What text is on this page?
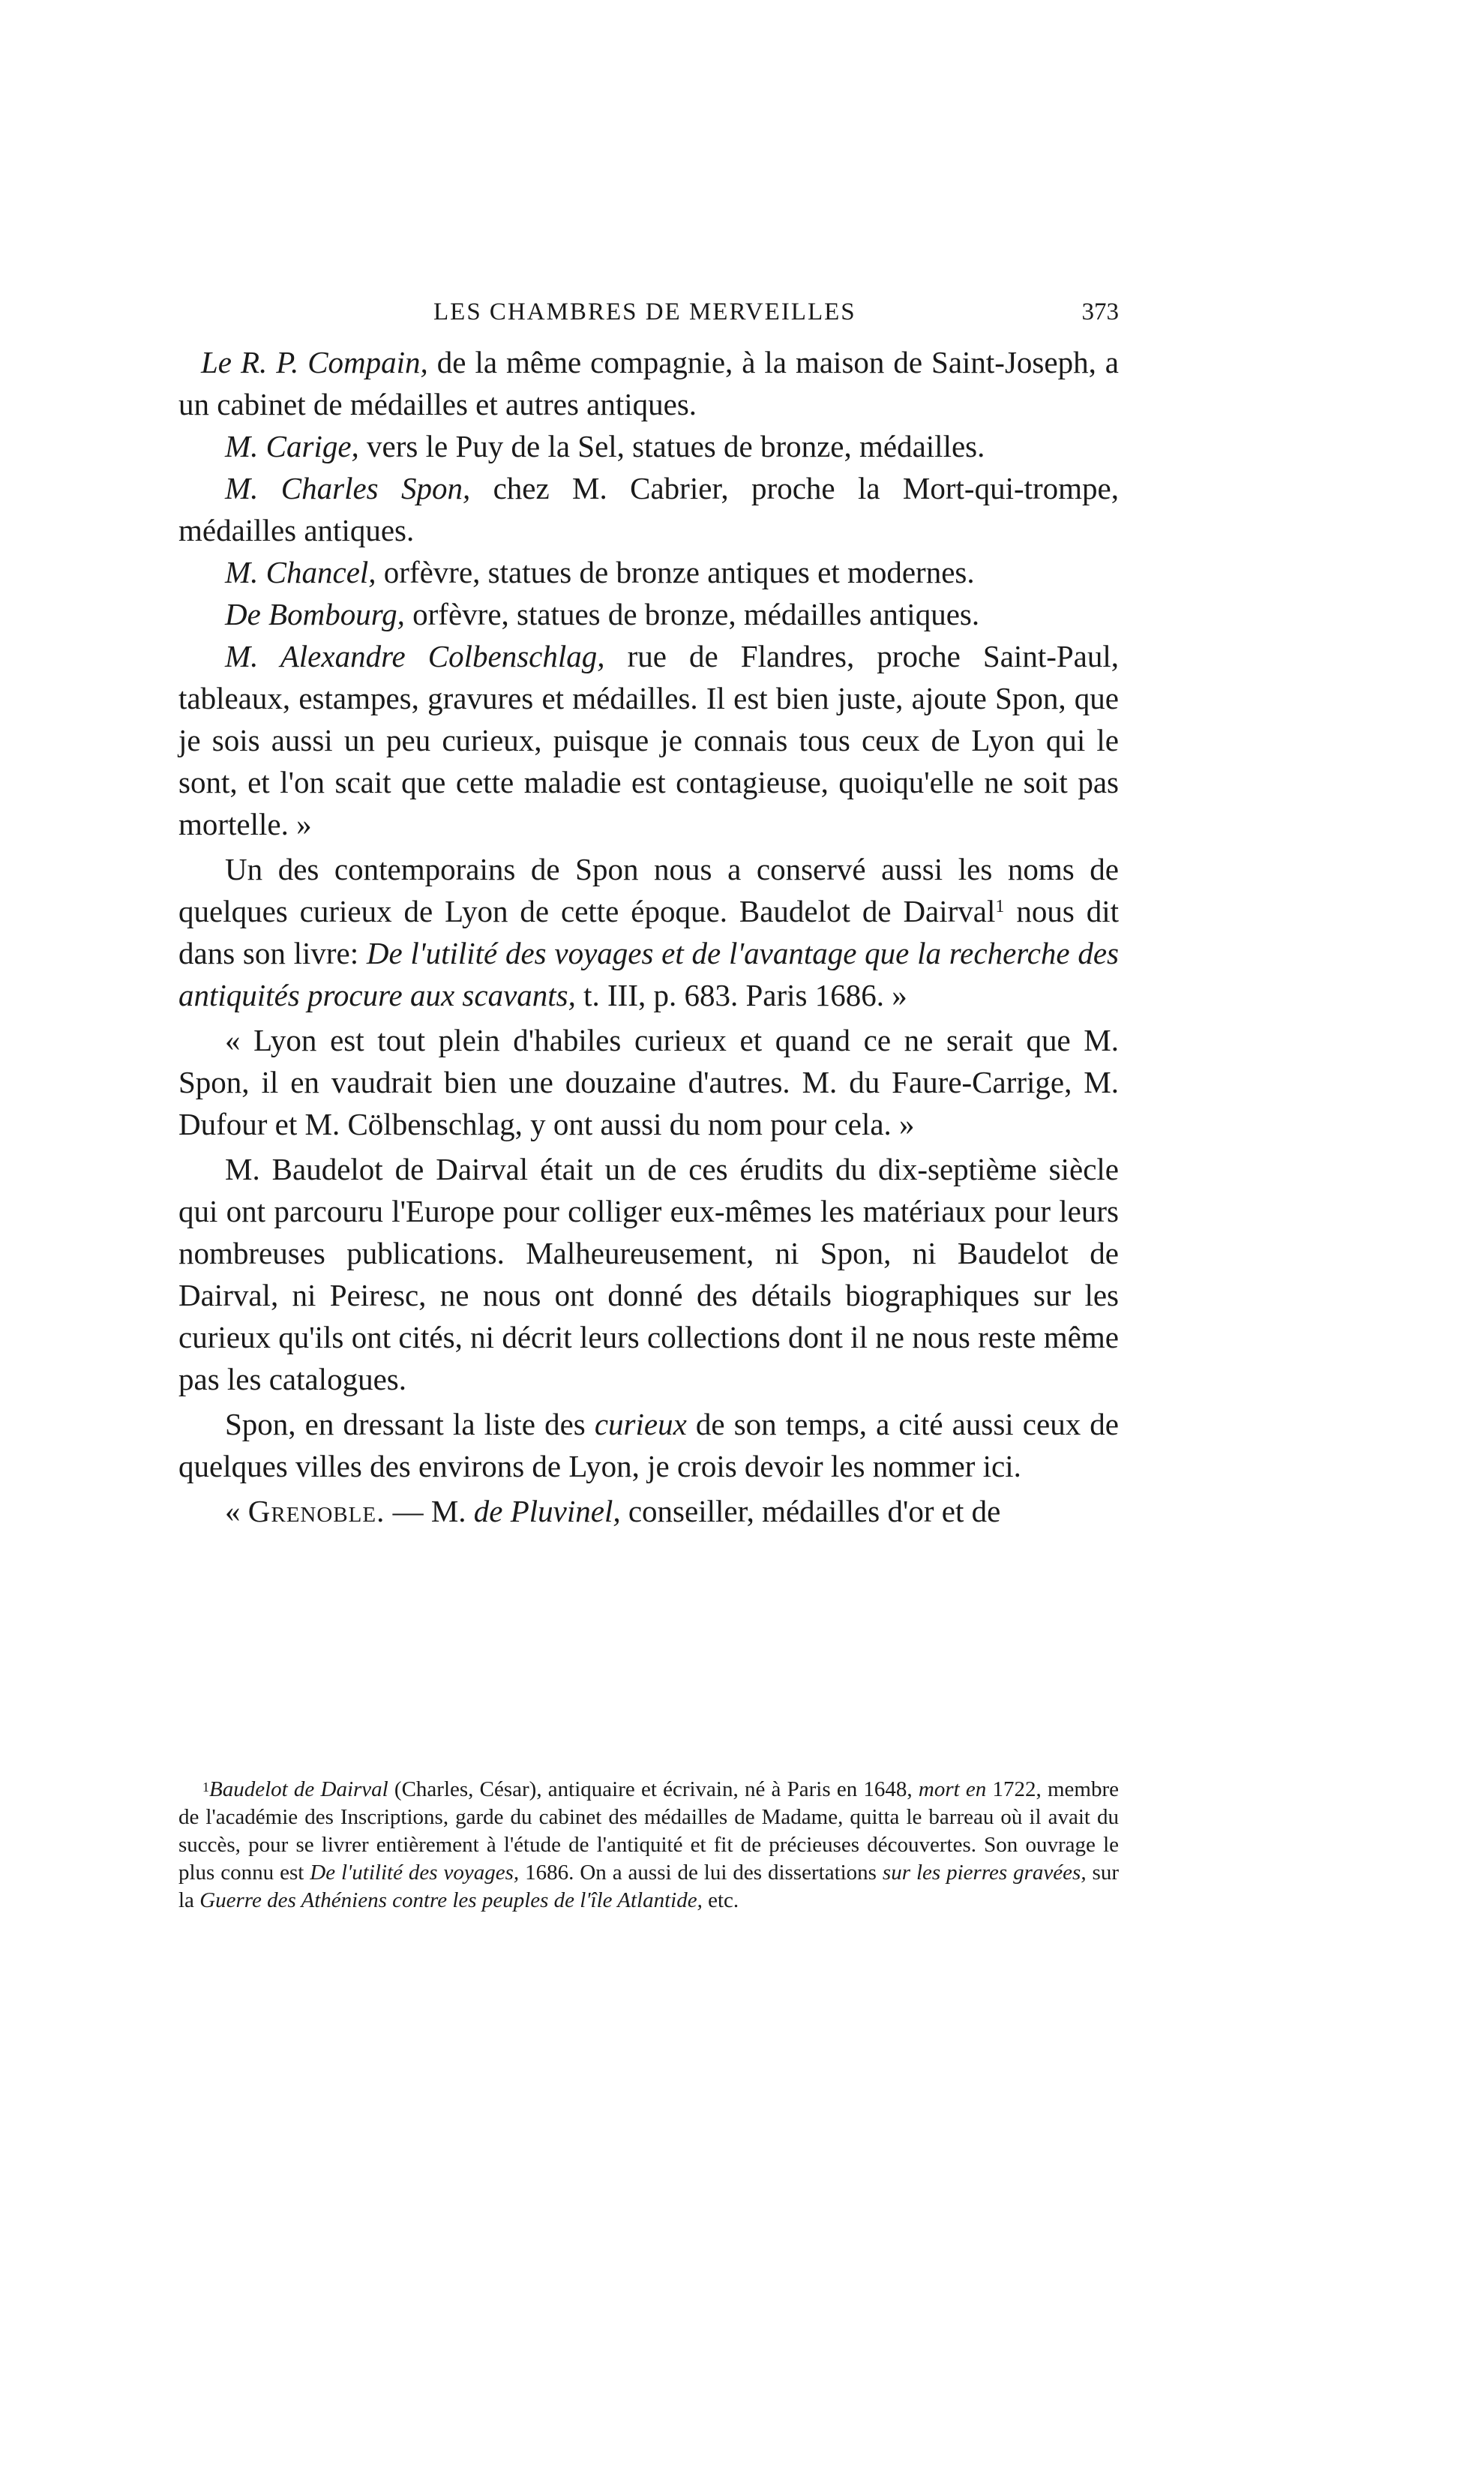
LES CHAMBRES DE MERVEILLES	373

Le R. P. Compain, de la même compagnie, à la maison de Saint-Joseph, a un cabinet de médailles et autres antiques.

M. Carige, vers le Puy de la Sel, statues de bronze, médailles.

M. Charles Spon, chez M. Cabrier, proche la Mort-qui-trompe, médailles antiques.

M. Chancel, orfèvre, statues de bronze antiques et modernes.

De Bombourg, orfèvre, statues de bronze, médailles antiques.

M. Alexandre Colbenschlag, rue de Flandres, proche Saint-Paul, tableaux, estampes, gravures et médailles. Il est bien juste, ajoute Spon, que je sois aussi un peu curieux, puisque je connais tous ceux de Lyon qui le sont, et l'on scait que cette maladie est contagieuse, quoiqu'elle ne soit pas mortelle. »

Un des contemporains de Spon nous a conservé aussi les noms de quelques curieux de Lyon de cette époque. Baudelot de Dairval$^1$ nous dit dans son livre: De l'utilité des voyages et de l'avantage que la recherche des antiquités procure aux scavants, t. III, p. 683. Paris 1686. »

« Lyon est tout plein d'habiles curieux et quand ce ne serait que M. Spon, il en vaudrait bien une douzaine d'autres. M. du Faure-Carrige, M. Dufour et M. Cölbenschlag, y ont aussi du nom pour cela. »

M. Baudelot de Dairval était un de ces érudits du dix-septième siècle qui ont parcouru l'Europe pour colliger eux-mêmes les matériaux pour leurs nombreuses publications. Malheureusement, ni Spon, ni Baudelot de Dairval, ni Peiresc, ne nous ont donné des détails biographiques sur les curieux qu'ils ont cités, ni décrit leurs collections dont il ne nous reste même pas les catalogues.

Spon, en dressant la liste des curieux de son temps, a cité aussi ceux de quelques villes des environs de Lyon, je crois devoir les nommer ici.

« Grenoble. — M. de Pluvinel, conseiller, médailles d'or et de

$^1$Baudelot de Dairval (Charles, César), antiquaire et écrivain, né à Paris en 1648, mort en 1722, membre de l'académie des Inscriptions, garde du cabinet des médailles de Madame, quitta le barreau où il avait du succès, pour se livrer entièrement à l'étude de l'antiquité et fit de précieuses découvertes. Son ouvrage le plus connu est De l'utilité des voyages, 1686. On a aussi de lui des dissertations sur les pierres gravées, sur la Guerre des Athéniens contre les peuples de l'île Atlantide, etc.
